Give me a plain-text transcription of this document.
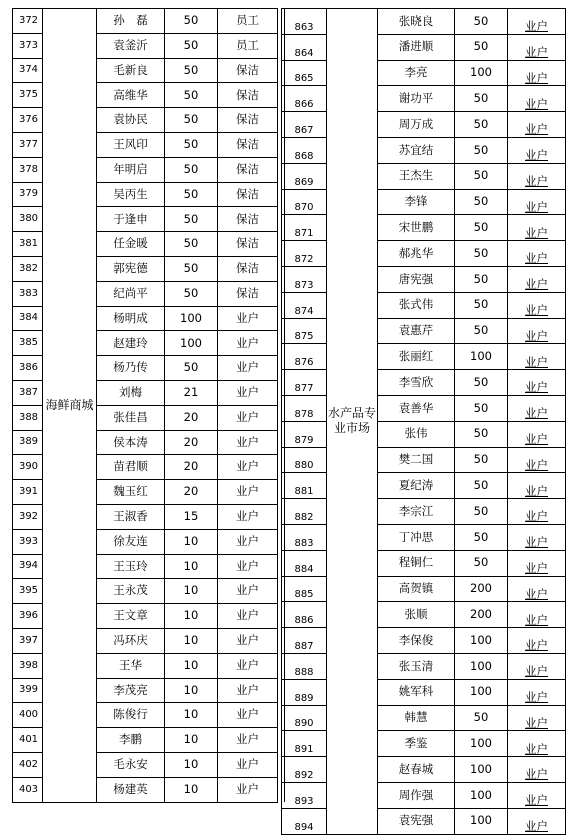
372	海鲜商城	孙　磊	50	员工	
373		袁釜沂	50	员工	
374		毛新良	50	保洁	
375		高维华	50	保洁	
376		袁协民	50	保洁	
377		王风印	50	保洁	
378		年明启	50	保洁	
379		吴丙生	50	保洁	
380		于逢申	50	保洁	
381		任金暖	50	保洁	
382		郭宪德	50	保洁	
383		纪尚平	50	保洁	
384		杨明成	100	业户	
385		赵建玲	100	业户	
386		杨乃传	50	业户	
387		刘梅	21	业户	
388		张佳昌	20	业户	
389		侯本涛	20	业户	
390		苗君顺	20	业户	
391		魏玉红	20	业户	
392		王淑香	15	业户	
393		徐友连	10	业户	
394		王玉玲	10	业户	
395		王永茂	10	业户	
396		王文章	10	业户	
397		冯环庆	10	业户	
398		王华	10	业户	
399		李茂亮	10	业户	
400		陈俊行	10	业户	
401		李鹏	10	业户	
402		毛永安	10	业户	
403		杨建英	10	业户	
863	水产品专业市场	张晓良	50	业户
864		潘进顺	50	业户
865		李亮	100	业户
866		谢功平	50	业户
867		周万成	50	业户
868		苏宜结	50	业户
869		王杰生	50	业户
870		李锋	50	业户
871		宋世鹏	50	业户
872		郝兆华	50	业户
873		唐宪强	50	业户
874		张式伟	50	业户
875		袁惠芹	50	业户
876		张丽红	100	业户
877		李雪欣	50	业户
878		袁善华	50	业户
879		张伟	50	业户
880		樊二国	50	业户
881		夏纪涛	50	业户
882		李宗江	50	业户
883		丁冲思	50	业户
884		程铜仁	50	业户
885		高贺镇	200	业户
886		张顺	200	业户
887		李保俊	100	业户
888		张玉清	100	业户
889		姚军科	100	业户
890		韩慧	50	业户
891		季鉴	100	业户
892		赵春城	100	业户
893		周作强	100	业户
894		袁宪强	100	业户
